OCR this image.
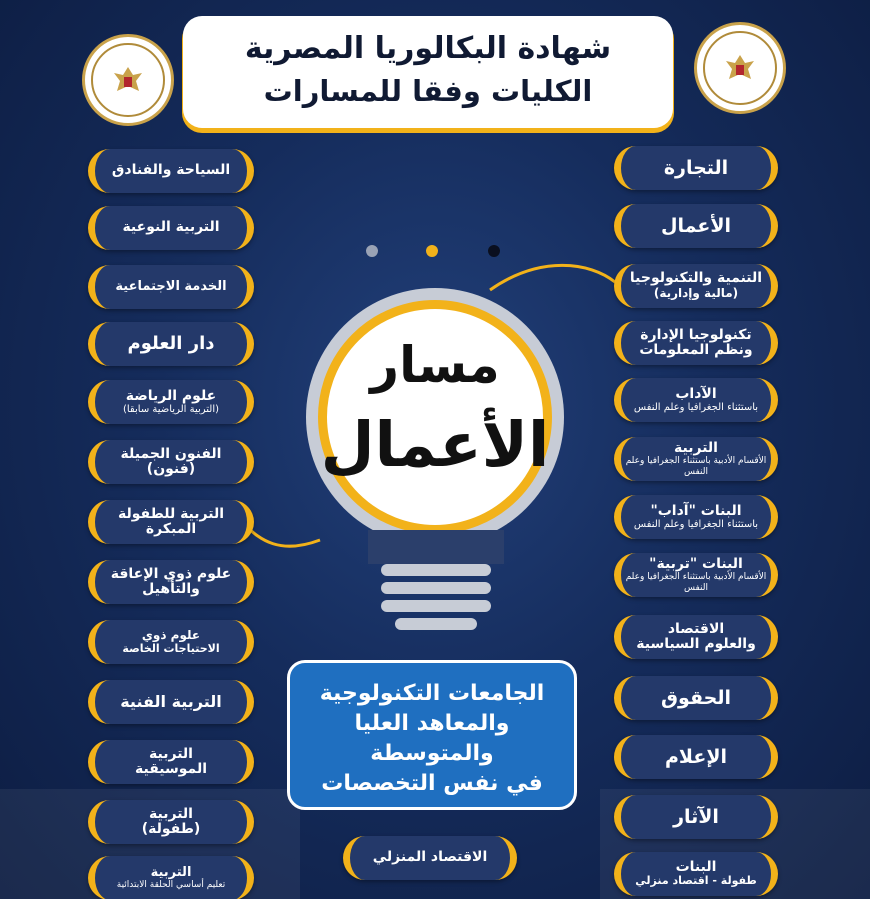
شهادة البكالوريا المصرية
الكليات وفقا للمسارات
مسار
الأعمال
الجامعات التكنولوجية
والمعاهد العليا
والمتوسطة
في نفس التخصصات
الاقتصاد المنزلي
التجارة
الأعمال
التنمية والتكنولوجيا
(مالية وإدارية)
تكنولوجيا الإدارة
ونظم المعلومات
الآداب
باستثناء الجغرافيا وعلم النفس
التربية
الأقسام الأدبية باستثناء الجغرافيا وعلم النفس
البنات "آداب"
باستثناء الجغرافيا وعلم النفس
البنات "تربية"
الأقسام الأدبية باستثناء الجغرافيا وعلم النفس
الاقتصاد
والعلوم السياسية
الحقوق
الإعلام
الآثار
البنات
طفولة - اقتصاد منزلي
السياحة والفنادق
التربية النوعية
الخدمة الاجتماعية
دار العلوم
علوم الرياضة
(التربية الرياضية سابقا)
الفنون الجميلة
(فنون)
التربية للطفولة
المبكرة
علوم ذوي الإعاقة
والتأهيل
علوم ذوي
الاحتياجات الخاصة
التربية الفنية
التربية
الموسيقية
التربية
(طفولة)
التربية
تعليم أساسي الحلقة الابتدائية
